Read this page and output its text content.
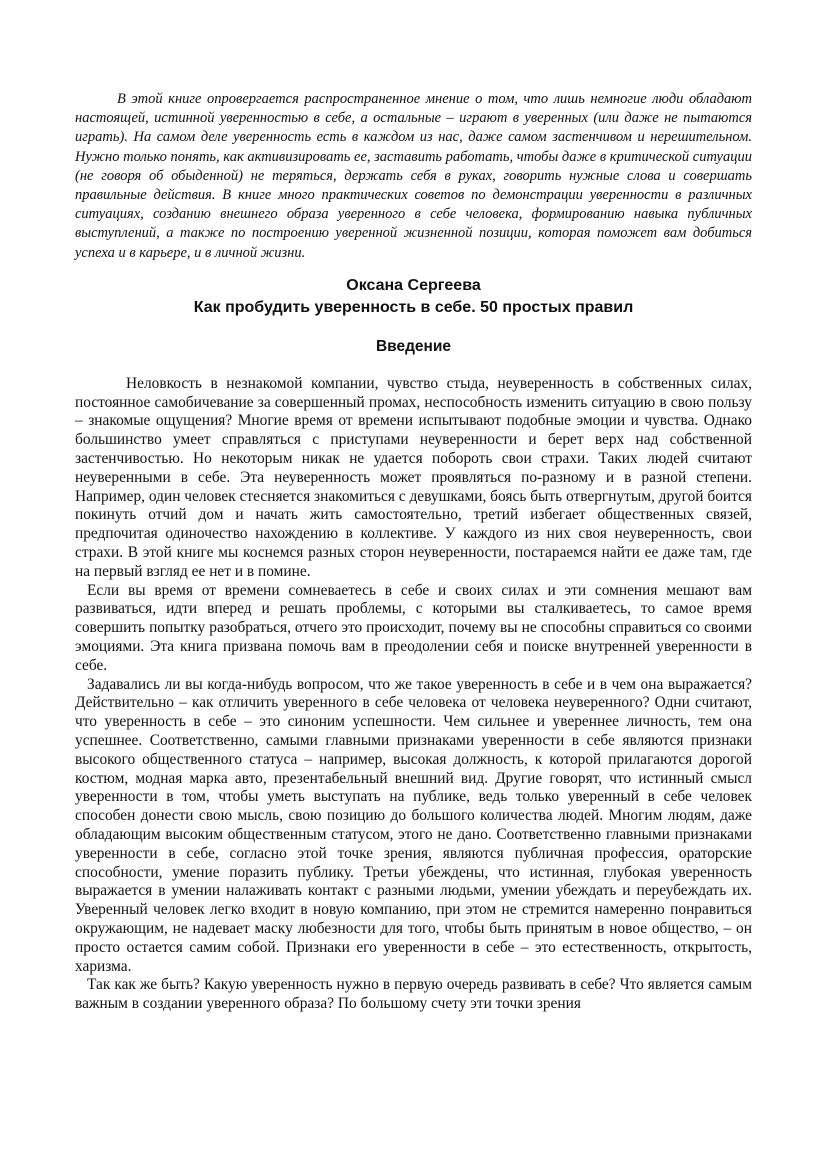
В этой книге опровергается распространенное мнение о том, что лишь немногие люди обладают настоящей, истинной уверенностью в себе, а остальные – играют в уверенных (или даже не пытаются играть). На самом деле уверенность есть в каждом из нас, даже самом застенчивом и нерешительном. Нужно только понять, как активизировать ее, заставить работать, чтобы даже в критической ситуации (не говоря об обыденной) не теряться, держать себя в руках, говорить нужные слова и совершать правильные действия. В книге много практических советов по демонстрации уверенности в различных ситуациях, созданию внешнего образа уверенного в себе человека, формированию навыка публичных выступлений, а также по построению уверенной жизненной позиции, которая поможет вам добиться успеха и в карьере, и в личной жизни.

Оксана Сергеева
Как пробудить уверенность в себе. 50 простых правил
Введение

Неловкость в незнакомой компании, чувство стыда, неуверенность в собственных силах, постоянное самобичевание за совершенный промах, неспособность изменить ситуацию в свою пользу – знакомые ощущения? Многие время от времени испытывают подобные эмоции и чувства. Однако большинство умеет справляться с приступами неуверенности и берет верх над собственной застенчивостью. Но некоторым никак не удается побороть свои страхи. Таких людей считают неуверенными в себе. Эта неуверенность может проявляться по-разному и в разной степени. Например, один человек стесняется знакомиться с девушками, боясь быть отвергнутым, другой боится покинуть отчий дом и начать жить самостоятельно, третий избегает общественных связей, предпочитая одиночество нахождению в коллективе. У каждого из них своя неуверенность, свои страхи. В этой книге мы коснемся разных сторон неуверенности, постараемся найти ее даже там, где на первый взгляд ее нет и в помине.

Если вы время от времени сомневаетесь в себе и своих силах и эти сомнения мешают вам развиваться, идти вперед и решать проблемы, с которыми вы сталкиваетесь, то самое время совершить попытку разобраться, отчего это происходит, почему вы не способны справиться со своими эмоциями. Эта книга призвана помочь вам в преодолении себя и поиске внутренней уверенности в себе.

Задавались ли вы когда-нибудь вопросом, что же такое уверенность в себе и в чем она выражается? Действительно – как отличить уверенного в себе человека от человека неуверенного? Одни считают, что уверенность в себе – это синоним успешности. Чем сильнее и увереннее личность, тем она успешнее. Соответственно, самыми главными признаками уверенности в себе являются признаки высокого общественного статуса – например, высокая должность, к которой прилагаются дорогой костюм, модная марка авто, презентабельный внешний вид. Другие говорят, что истинный смысл уверенности в том, чтобы уметь выступать на публике, ведь только уверенный в себе человек способен донести свою мысль, свою позицию до большого количества людей. Многим людям, даже обладающим высоким общественным статусом, этого не дано. Соответственно главными признаками уверенности в себе, согласно этой точке зрения, являются публичная профессия, ораторские способности, умение поразить публику. Третьи убеждены, что истинная, глубокая уверенность выражается в умении налаживать контакт с разными людьми, умении убеждать и переубеждать их. Уверенный человек легко входит в новую компанию, при этом не стремится намеренно понравиться окружающим, не надевает маску любезности для того, чтобы быть принятым в новое общество, – он просто остается самим собой. Признаки его уверенности в себе – это естественность, открытость, харизма.

Так как же быть? Какую уверенность нужно в первую очередь развивать в себе? Что является самым важным в создании уверенного образа? По большому счету эти точки зрения
